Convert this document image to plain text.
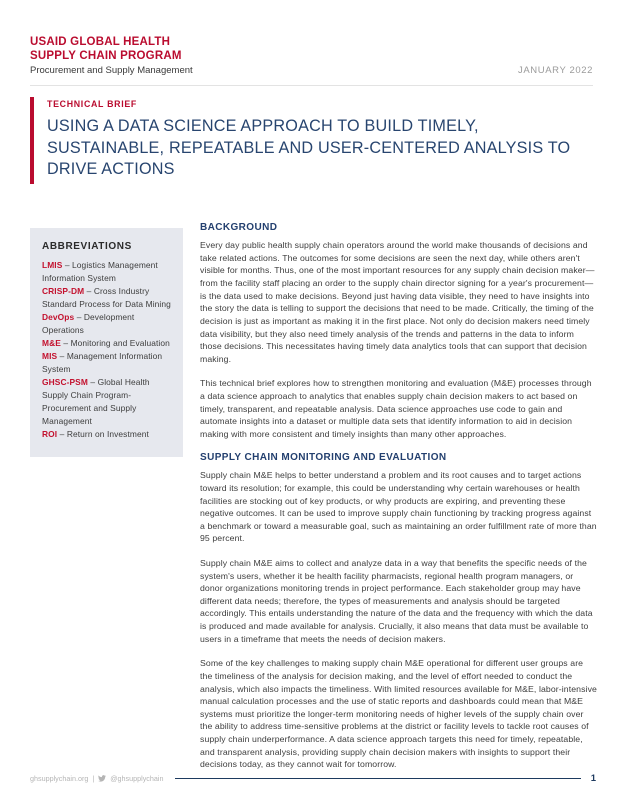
USAID GLOBAL HEALTH
SUPPLY CHAIN PROGRAM
Procurement and Supply Management	JANUARY 2022
TECHNICAL BRIEF
USING A DATA SCIENCE APPROACH TO BUILD TIMELY, SUSTAINABLE, REPEATABLE AND USER-CENTERED ANALYSIS TO DRIVE ACTIONS
ABBREVIATIONS

LMIS – Logistics Management Information System

CRISP-DM – Cross Industry Standard Process for Data Mining

DevOps – Development Operations

M&E – Monitoring and Evaluation

MIS – Management Information System

GHSC-PSM – Global Health Supply Chain Program-Procurement and Supply Management

ROI – Return on Investment

BACKGROUND

Every day public health supply chain operators around the world make thousands of decisions and take related actions. The outcomes for some decisions are seen the next day, while others aren't visible for months. Thus, one of the most important resources for any supply chain decision maker—from the facility staff placing an order to the supply chain director signing for a year's procurement—is the data used to make decisions. Beyond just having data visible, they need to have insights into the story the data is telling to support the decisions that need to be made. Critically, the timing of the decision is just as important as making it in the first place. Not only do decision makers need timely data visibility, but they also need timely analysis of the trends and patterns in the data to inform those decisions. This necessitates having timely data analytics tools that can support that decision making.

This technical brief explores how to strengthen monitoring and evaluation (M&E) processes through a data science approach to analytics that enables supply chain decision makers to act based on timely, transparent, and repeatable analysis. Data science approaches use code to gain and automate insights into a dataset or multiple data sets that identify information to aid in decision making with more consistent and timely insights than many other approaches.

SUPPLY CHAIN MONITORING AND EVALUATION

Supply chain M&E helps to better understand a problem and its root causes and to target actions toward its resolution; for example, this could be understanding why certain warehouses or health facilities are stocking out of key products, or why products are expiring, and preventing these negative outcomes. It can be used to improve supply chain functioning by tracking progress against a benchmark or toward a measurable goal, such as maintaining an order fulfillment rate of more than 95 percent.

Supply chain M&E aims to collect and analyze data in a way that benefits the specific needs of the system's users, whether it be health facility pharmacists, regional health program managers, or donor organizations monitoring trends in project performance. Each stakeholder group may have different data needs; therefore, the types of measurements and analysis should be targeted accordingly. This entails understanding the nature of the data and the frequency with which the data is produced and made available for analysis. Crucially, it also means that data must be available to users in a timeframe that meets the needs of decision makers.

Some of the key challenges to making supply chain M&E operational for different user groups are the timeliness of the analysis for decision making, and the level of effort needed to conduct the analysis, which also impacts the timeliness. With limited resources available for M&E, labor-intensive manual calculation processes and the use of static reports and dashboards could mean that M&E systems must prioritize the longer-term monitoring needs of higher levels of the supply chain over the ability to address time-sensitive problems at the district or facility levels to tackle root causes of supply chain underperformance. A data science approach targets this need for timely, repeatable, and transparent analysis, providing supply chain decision makers with insights to support their decisions today, as they cannot wait for tomorrow.

ghsupplychain.org | @ghsupplychain	1
